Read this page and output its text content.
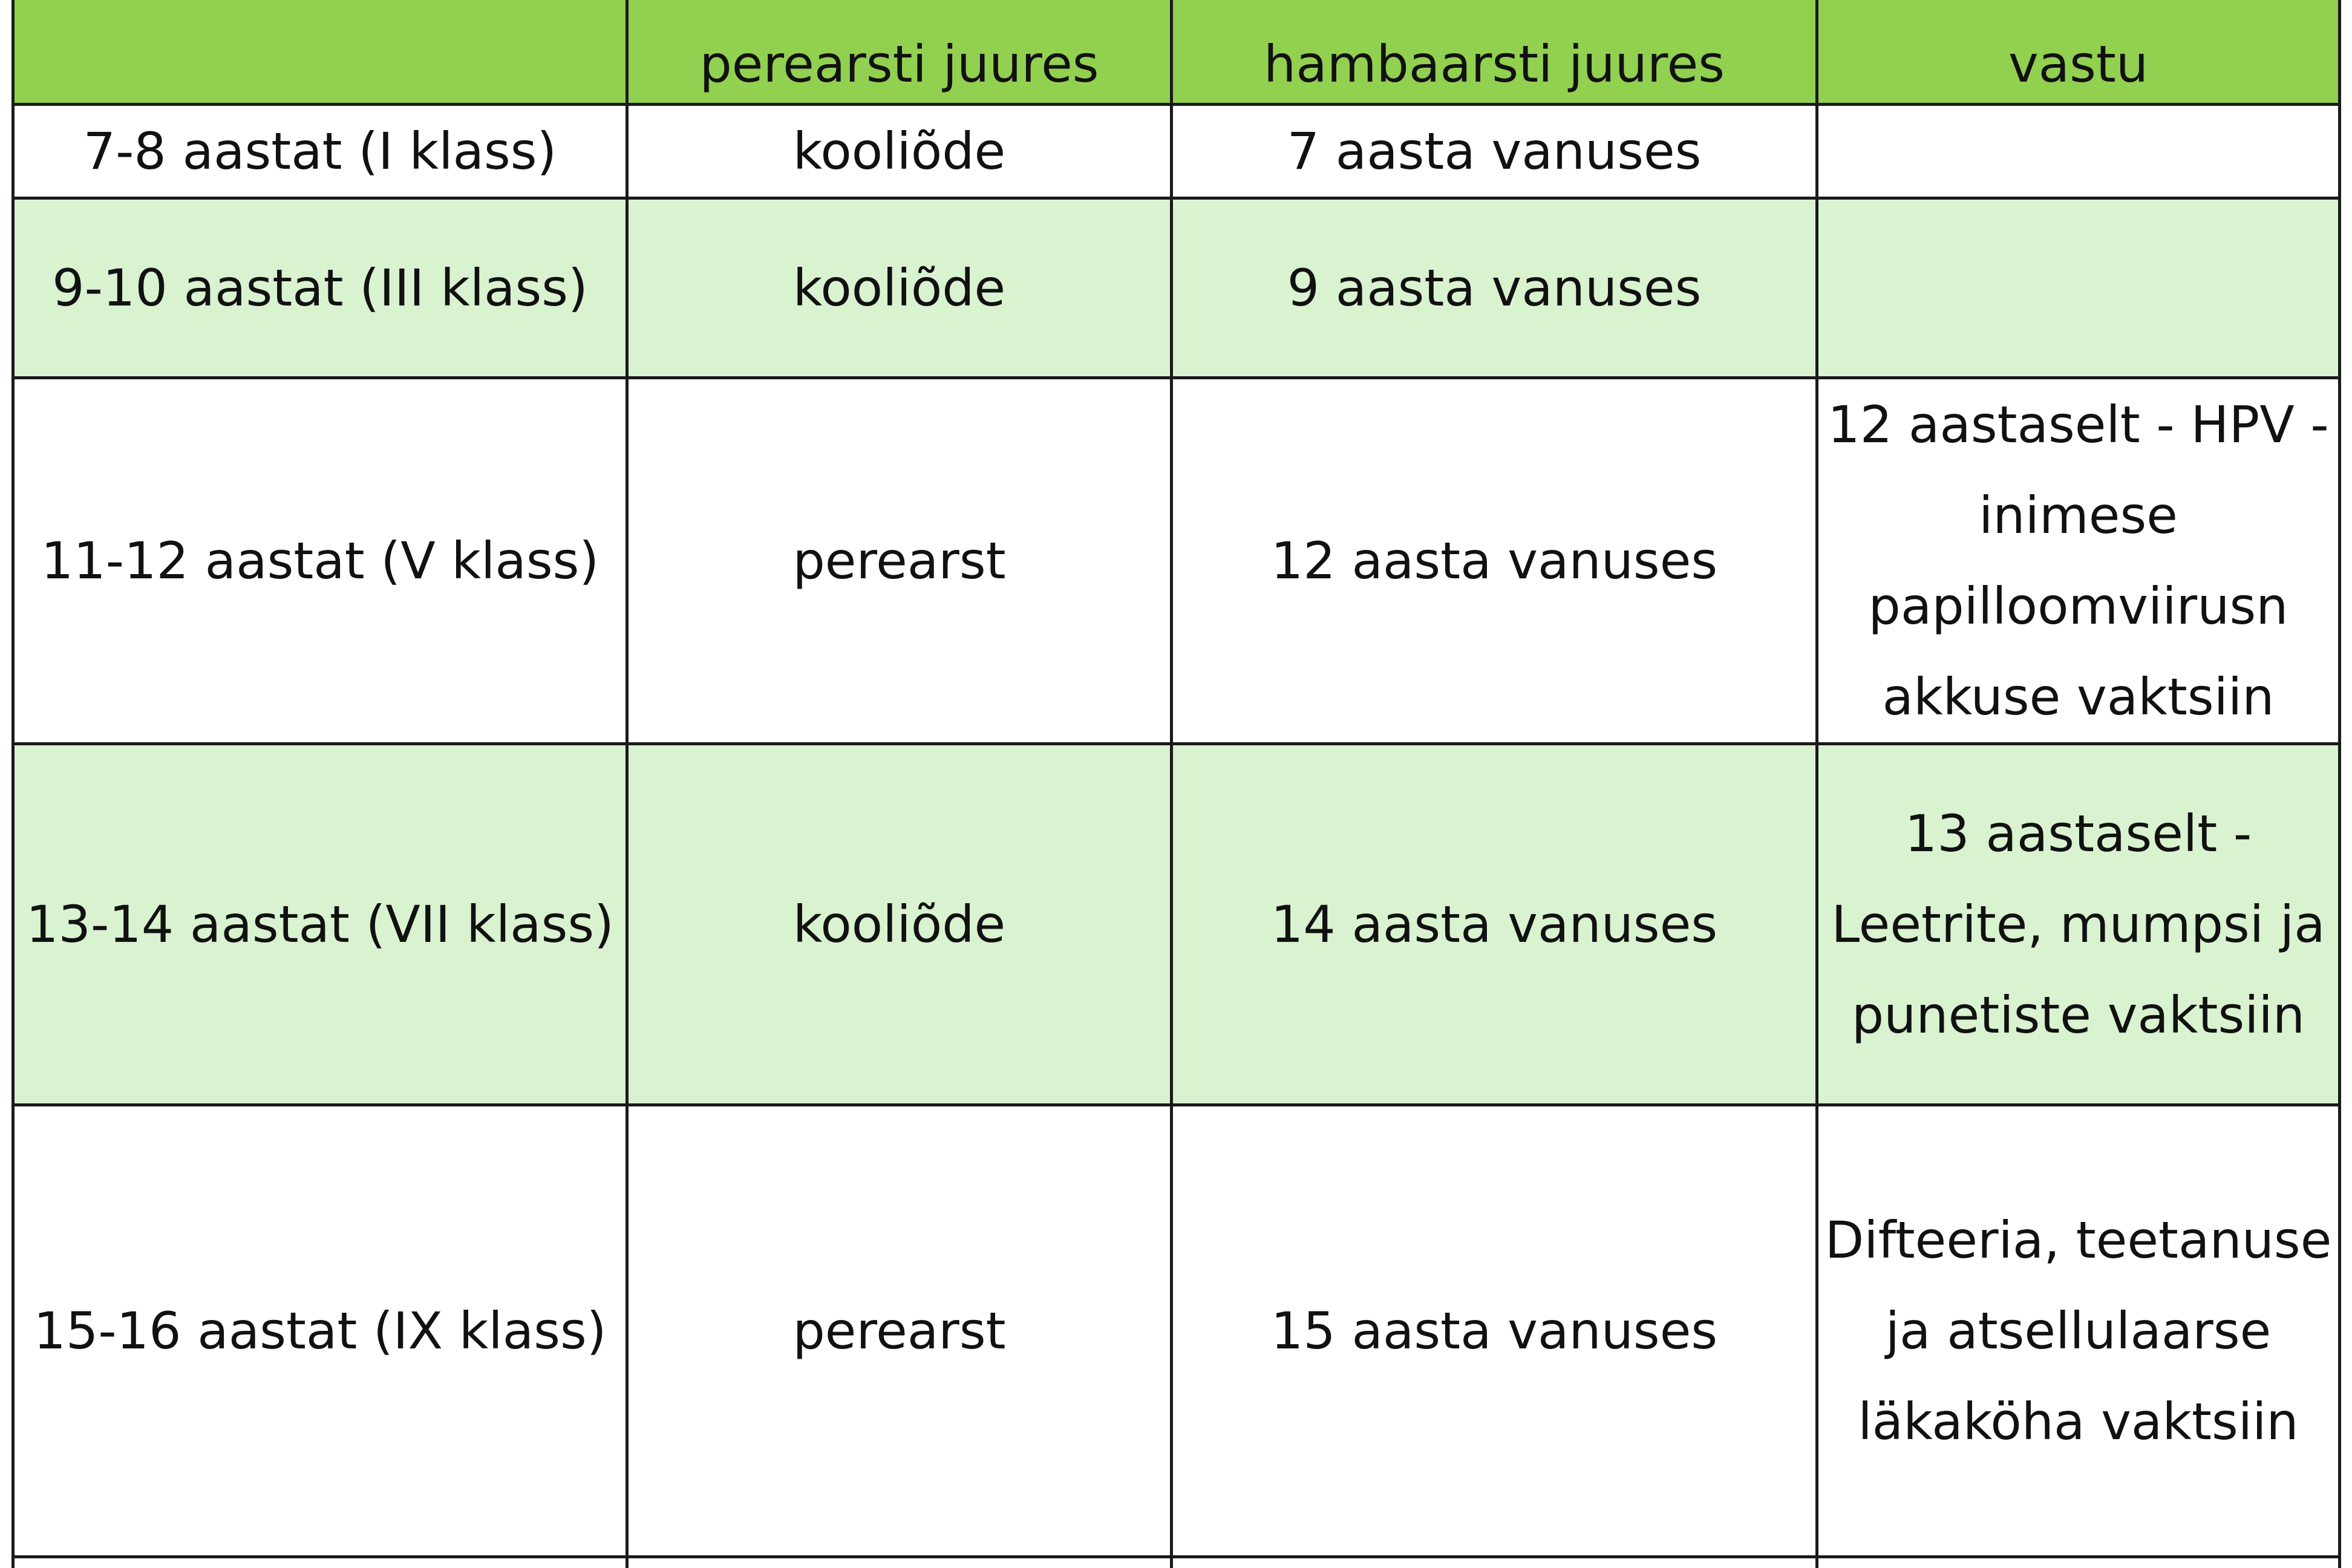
	perearsti juures	hambaarsti juures	vastu
7-8 aastat (I klass)	kooliõde	7 aasta vanuses	
9-10 aastat (III klass)	kooliõde	9 aasta vanuses	
11-12 aastat (V klass)	perearst	12 aasta vanuses	12 aastaselt - HPV - inimese papilloomviirusn akkuse vaktsiin
13-14 aastat (VII klass)	kooliõde	14 aasta vanuses	13 aastaselt - Leetrite, mumpsi ja punetiste vaktsiin
15-16 aastat (IX klass)	perearst	15 aasta vanuses	Difteeria, teetanuse ja atsellulaarse läkaköha vaktsiin
